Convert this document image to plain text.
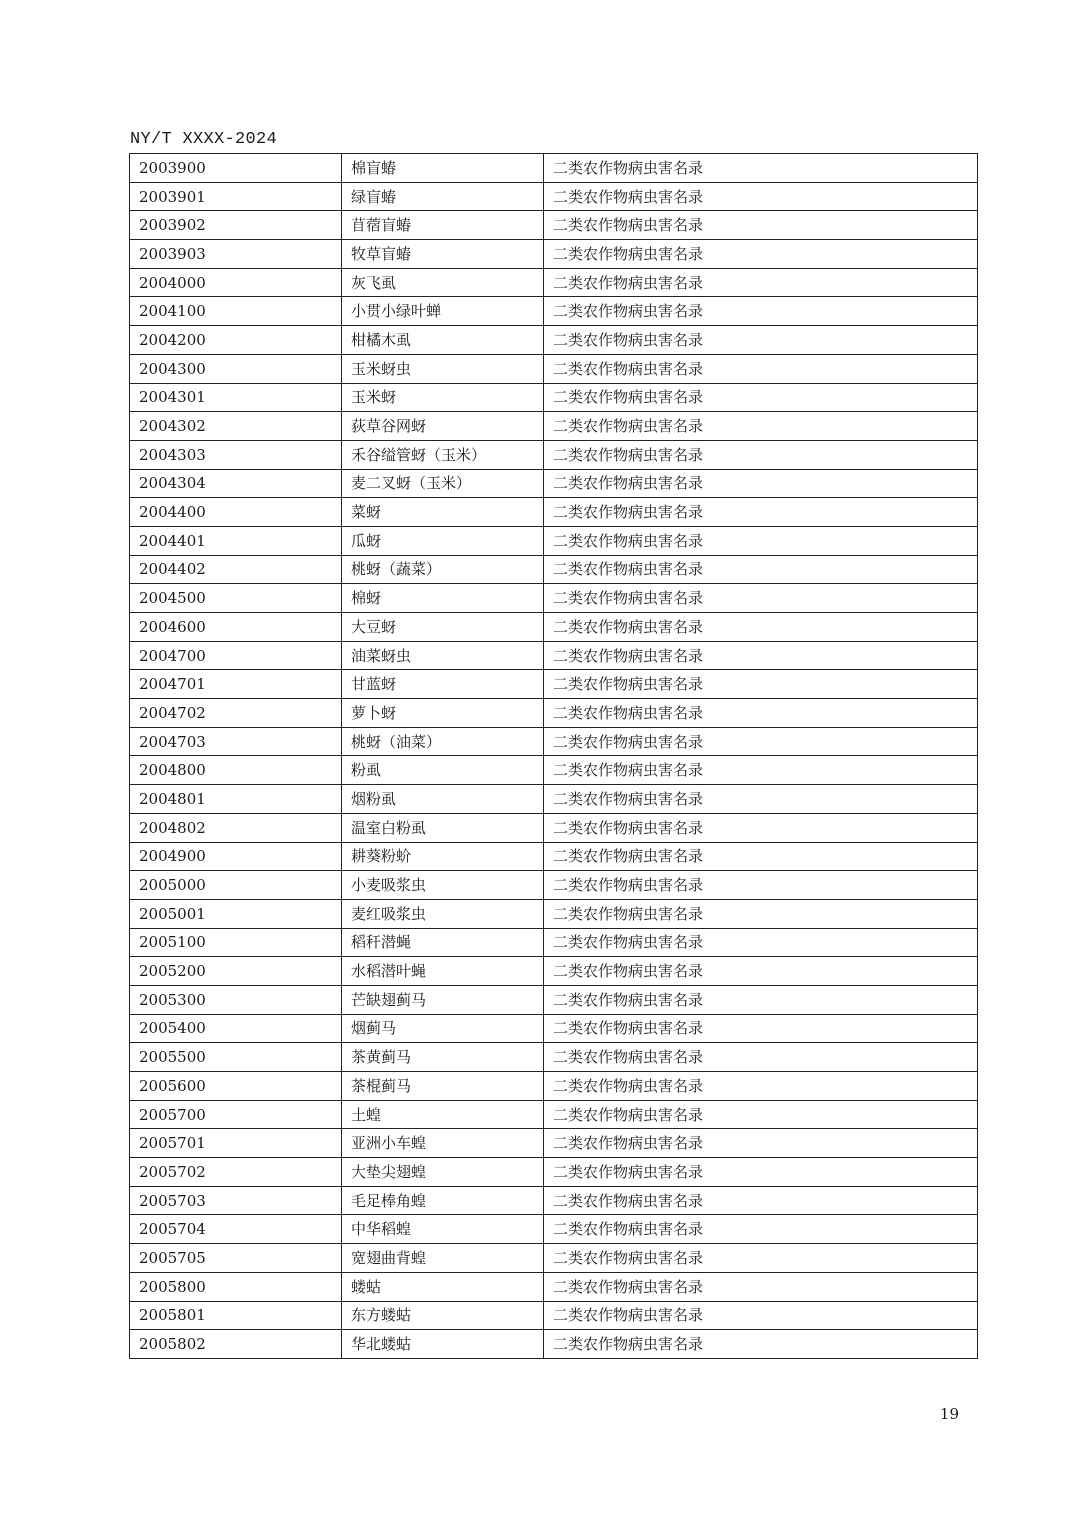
NY/T XXXX-2024
2003900	棉盲蝽	二类农作物病虫害名录
2003901	绿盲蝽	二类农作物病虫害名录
2003902	苜蓿盲蝽	二类农作物病虫害名录
2003903	牧草盲蝽	二类农作物病虫害名录
2004000	灰飞虱	二类农作物病虫害名录
2004100	小贯小绿叶蝉	二类农作物病虫害名录
2004200	柑橘木虱	二类农作物病虫害名录
2004300	玉米蚜虫	二类农作物病虫害名录
2004301	玉米蚜	二类农作物病虫害名录
2004302	荻草谷网蚜	二类农作物病虫害名录
2004303	禾谷缢管蚜（玉米）	二类农作物病虫害名录
2004304	麦二叉蚜（玉米）	二类农作物病虫害名录
2004400	菜蚜	二类农作物病虫害名录
2004401	瓜蚜	二类农作物病虫害名录
2004402	桃蚜（蔬菜）	二类农作物病虫害名录
2004500	棉蚜	二类农作物病虫害名录
2004600	大豆蚜	二类农作物病虫害名录
2004700	油菜蚜虫	二类农作物病虫害名录
2004701	甘蓝蚜	二类农作物病虫害名录
2004702	萝卜蚜	二类农作物病虫害名录
2004703	桃蚜（油菜）	二类农作物病虫害名录
2004800	粉虱	二类农作物病虫害名录
2004801	烟粉虱	二类农作物病虫害名录
2004802	温室白粉虱	二类农作物病虫害名录
2004900	耕葵粉蚧	二类农作物病虫害名录
2005000	小麦吸浆虫	二类农作物病虫害名录
2005001	麦红吸浆虫	二类农作物病虫害名录
2005100	稻秆潜蝇	二类农作物病虫害名录
2005200	水稻潜叶蝇	二类农作物病虫害名录
2005300	芒缺翅蓟马	二类农作物病虫害名录
2005400	烟蓟马	二类农作物病虫害名录
2005500	茶黄蓟马	二类农作物病虫害名录
2005600	茶棍蓟马	二类农作物病虫害名录
2005700	土蝗	二类农作物病虫害名录
2005701	亚洲小车蝗	二类农作物病虫害名录
2005702	大垫尖翅蝗	二类农作物病虫害名录
2005703	毛足棒角蝗	二类农作物病虫害名录
2005704	中华稻蝗	二类农作物病虫害名录
2005705	宽翅曲背蝗	二类农作物病虫害名录
2005800	蝼蛄	二类农作物病虫害名录
2005801	东方蝼蛄	二类农作物病虫害名录
2005802	华北蝼蛄	二类农作物病虫害名录
19
